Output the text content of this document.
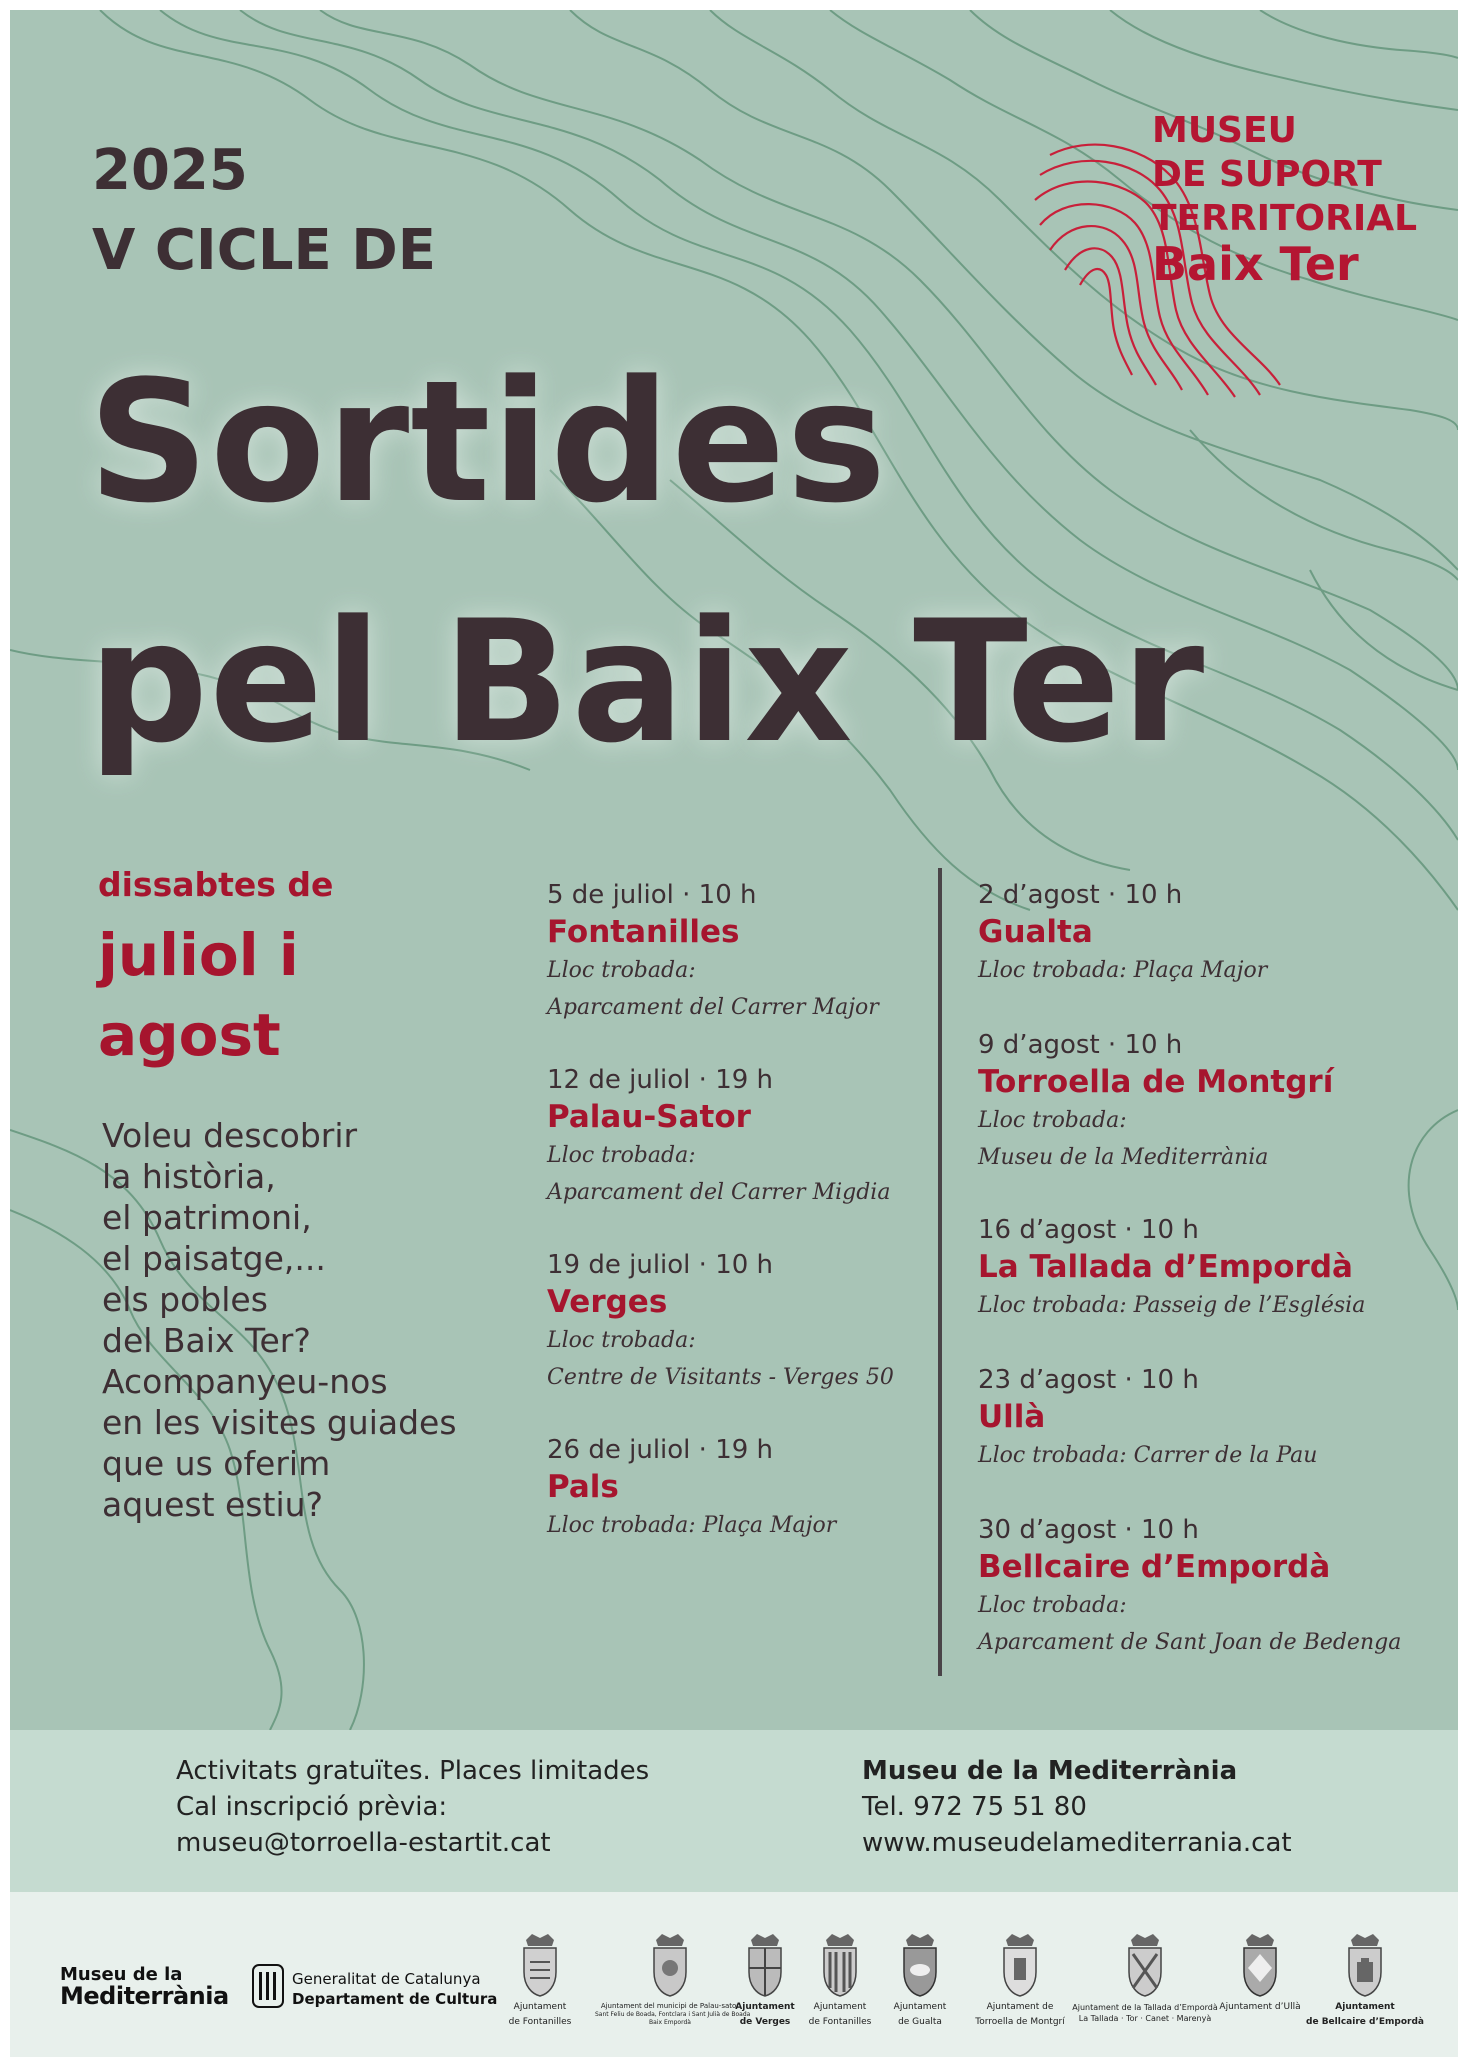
2025
V CICLE DE
Sortides
pel Baix Ter
MUSEU
DE SUPORT
TERRITORIAL
Baix Ter
dissabtes de
juliol i
agost
Voleu descobrir
la història,
el patrimoni,
el paisatge,...
els pobles
del Baix Ter?
Acompanyeu-nos
en les visites guiades
que us oferim
aquest estiu?
5 de juliol · 10 h
Fontanilles
Lloc trobada:
Aparcament del Carrer Major
12 de juliol · 19 h
Palau-Sator
Lloc trobada:
Aparcament del Carrer Migdia
19 de juliol · 10 h
Verges
Lloc trobada:
Centre de Visitants - Verges 50
26 de juliol · 19 h
Pals
Lloc trobada: Plaça Major
2 d’agost · 10 h
Gualta
Lloc trobada: Plaça Major
9 d’agost · 10 h
Torroella de Montgrí
Lloc trobada:
Museu de la Mediterrània
16 d’agost · 10 h
La Tallada d’Empordà
Lloc trobada: Passeig de l’Església
23 d’agost · 10 h
Ullà
Lloc trobada: Carrer de la Pau
30 d’agost · 10 h
Bellcaire d’Empordà
Lloc trobada:
Aparcament de Sant Joan de Bedenga
Activitats gratuïtes. Places limitades
Cal inscripció prèvia:
museu@torroella-estartit.cat
Museu de la Mediterrània
Tel. 972 75 51 80
www.museudelamediterrania.cat
Museu de la
Mediterrània
Generalitat de Catalunya
Departament de Cultura	Ajuntament
de Fontanilles
Ajuntament del municipi de Palau-sator
Sant Feliu de Boada, Fontclara i Sant Julià de Boada
Baix Empordà
Ajuntament
de Verges
Ajuntament
de Fontanilles
Ajuntament
de Gualta
Ajuntament de
Torroella de Montgrí
Ajuntament de la Tallada d’Empordà
La Tallada · Tor · Canet · Marenyà
Ajuntament d’Ullà	Ajuntament
de Bellcaire d’Empordà
